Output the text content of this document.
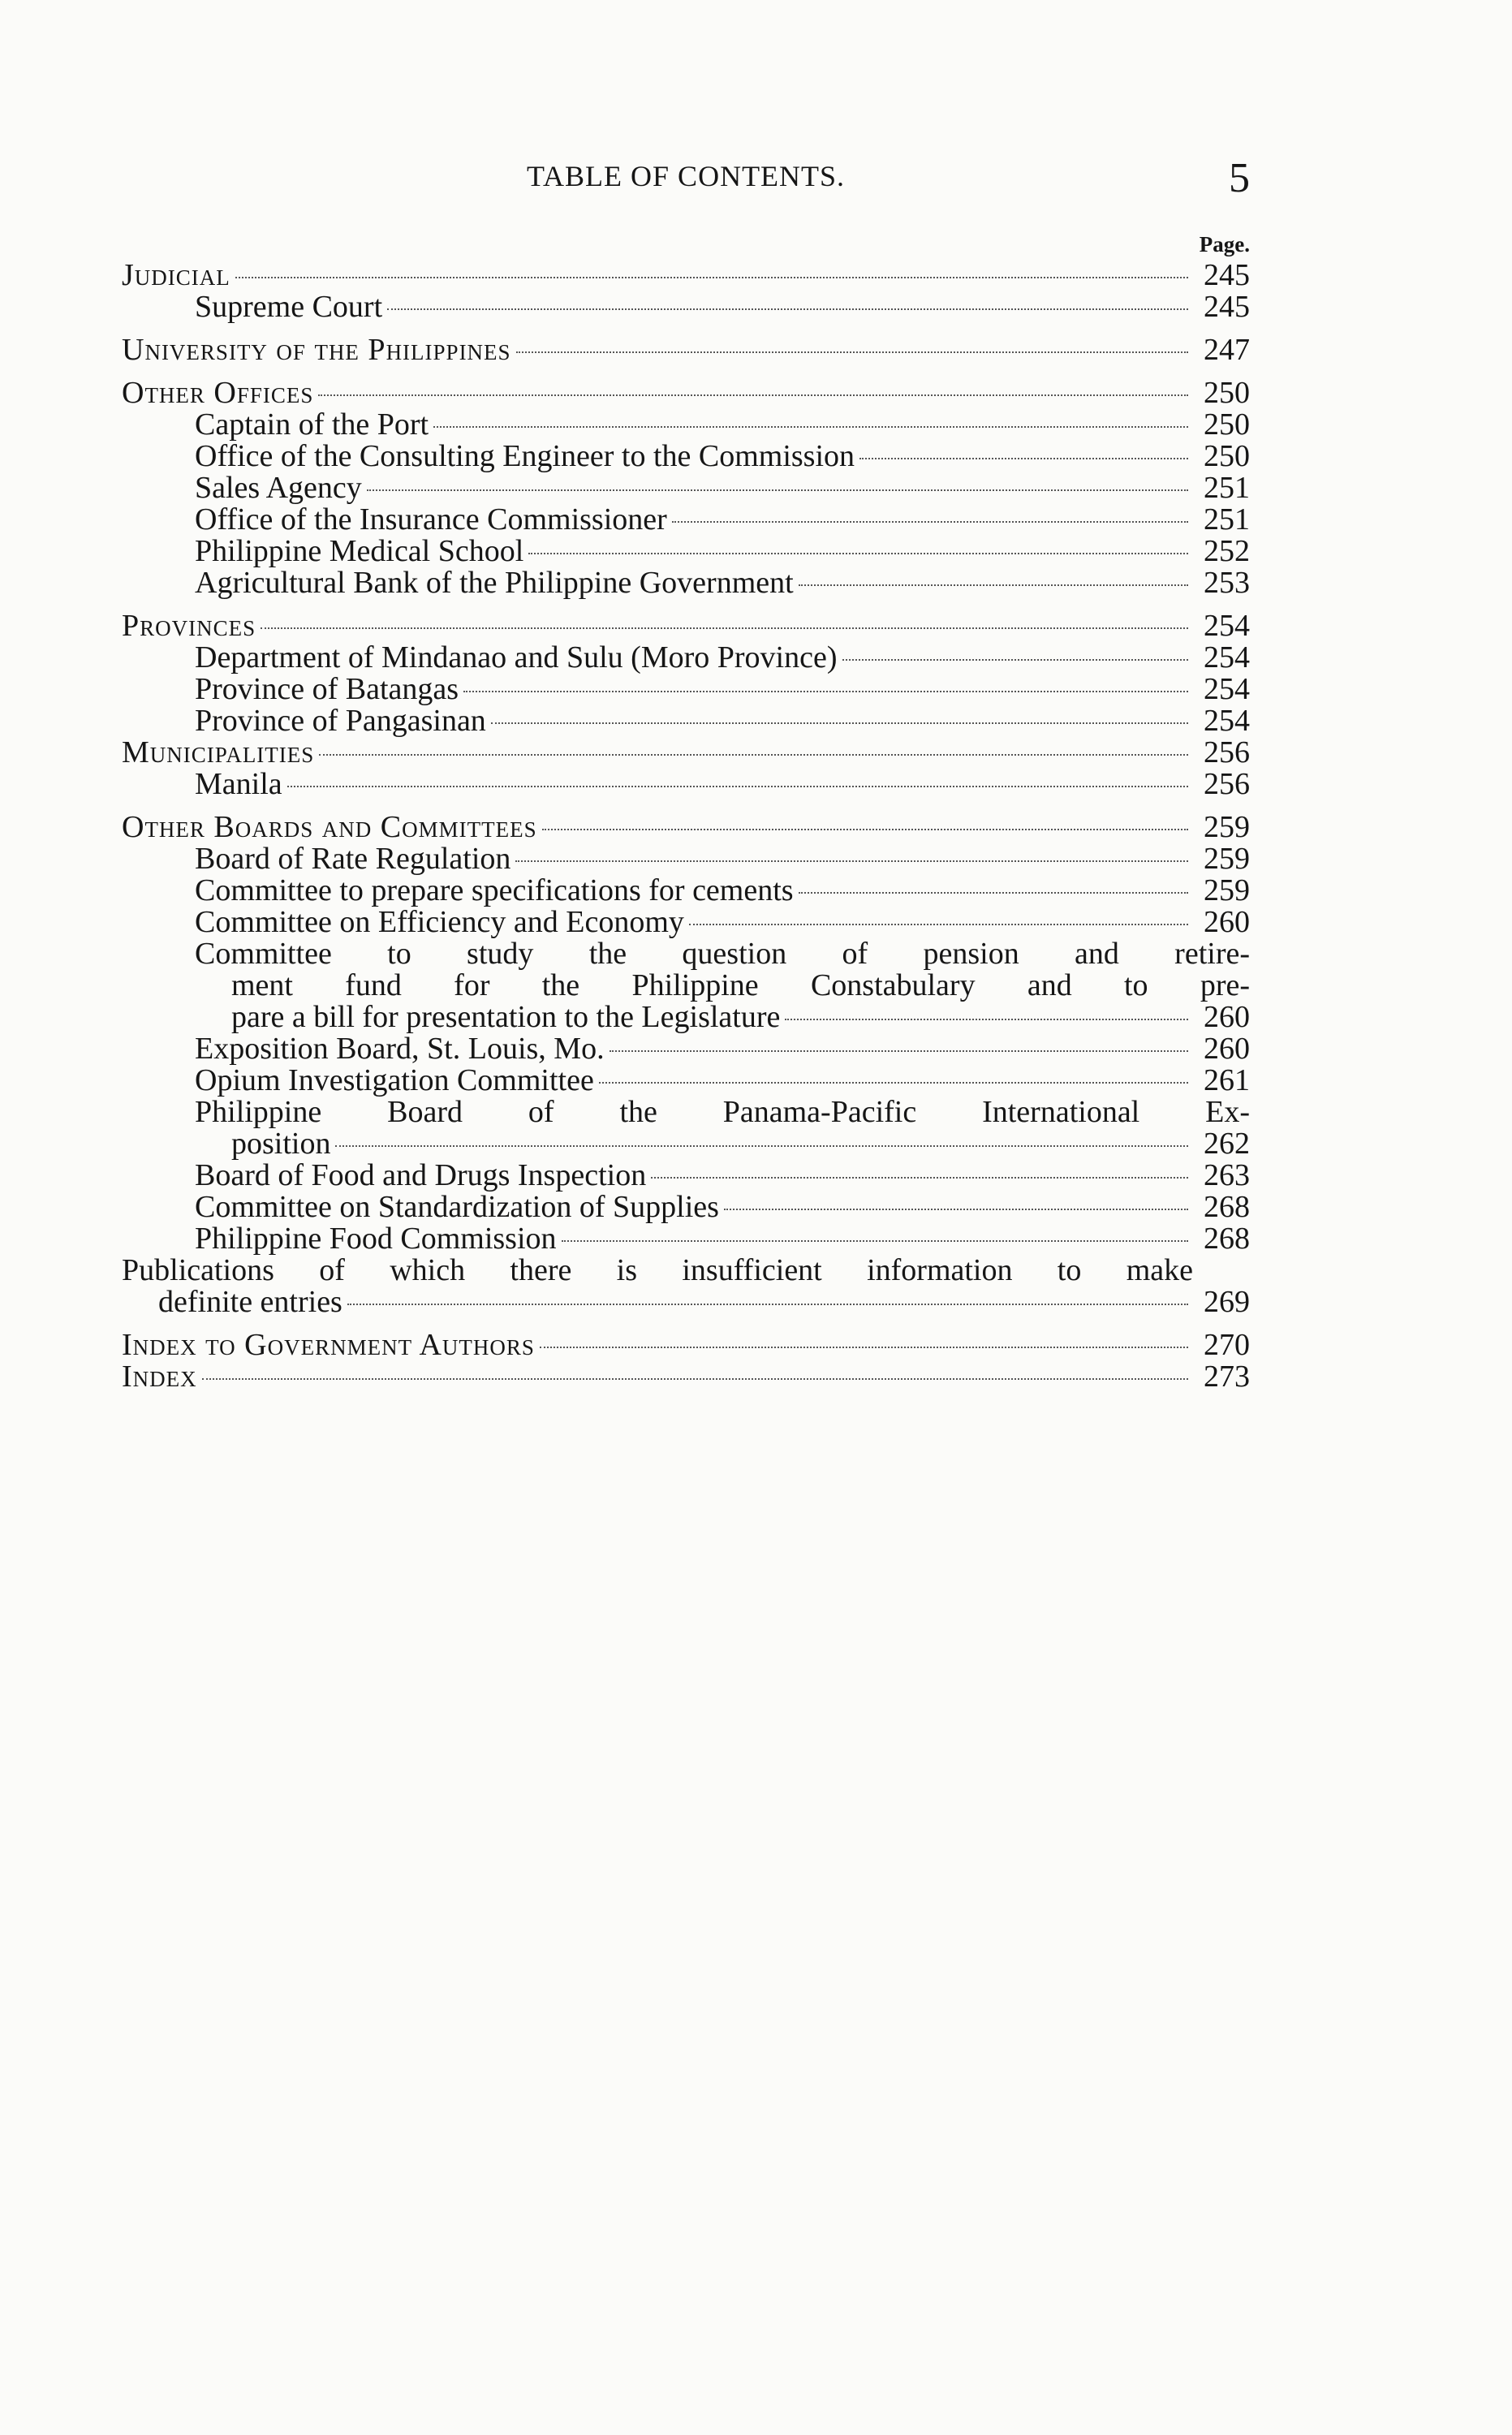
TABLE OF CONTENTS.	5
Page.
Judicial	245
Supreme Court	245
University of the Philippines	247
Other Offices	250
Captain of the Port	250
Office of the Consulting Engineer to the Commission	250
Sales Agency	251
Office of the Insurance Commissioner	251
Philippine Medical School	252
Agricultural Bank of the Philippine Government	253
Provinces	254
Department of Mindanao and Sulu (Moro Province)	254
Province of Batangas	254
Province of Pangasinan	254
Municipalities	256
Manila	256
Other Boards and Committees	259
Board of Rate Regulation	259
Committee to prepare specifications for cements	259
Committee on Efficiency and Economy	260
Committee to study the question of pension and retire-
ment fund for the Philippine Constabulary and to pre-
pare a bill for presentation to the Legislature	260
Exposition Board, St. Louis, Mo.	260
Opium Investigation Committee	261
Philippine Board of the Panama-Pacific International Ex-
position	262
Board of Food and Drugs Inspection	263
Committee on Standardization of Supplies	268
Philippine Food Commission	268
Publications of which there is insufficient information to make
definite entries	269
Index to Government Authors	270
Index	273
